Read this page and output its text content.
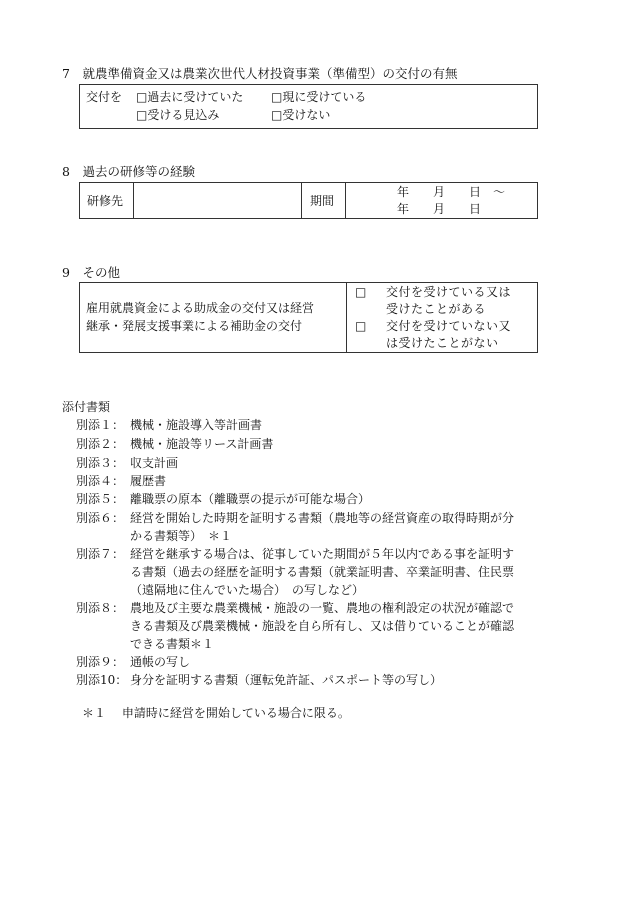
7　就農準備資金又は農業次世代人材投資事業（準備型）の交付の有無
交付を □過去に受けていた □現に受けている
□受ける見込み	□受けない
8　過去の研修等の経験
研修先	期間
年　　月　　日　～
年　　月　　日
9　その他
雇用就農資金による助成金の交付又は経営
継承・発展支援事業による補助金の交付
□ 交付を受けている又は
受けたことがある
□ 交付を受けていない又
は受けたことがない
添付書類
別添１： 機械・施設導入等計画書
別添２： 機械・施設等リース計画書
別添３： 収支計画
別添４： 履歴書
別添５： 離職票の原本（離職票の提示が可能な場合）
別添６： 経営を開始した時期を証明する書類（農地等の経営資産の取得時期が分
かる書類等）　＊１
別添７： 経営を継承する場合は、従事していた期間が５年以内である事を証明す
る書類（過去の経歴を証明する書類（就業証明書、卒業証明書、住民票
（遠隔地に住んでいた場合）　の写しなど）
別添８： 農地及び主要な農業機械・施設の一覧、農地の権利設定の状況が確認で
きる書類及び農業機械・施設を自ら所有し、又は借りていることが確認
できる書類＊１
別添９： 通帳の写し
別添10： 身分を証明する書類（運転免許証、パスポート等の写し）
＊１　 申請時に経営を開始している場合に限る。
